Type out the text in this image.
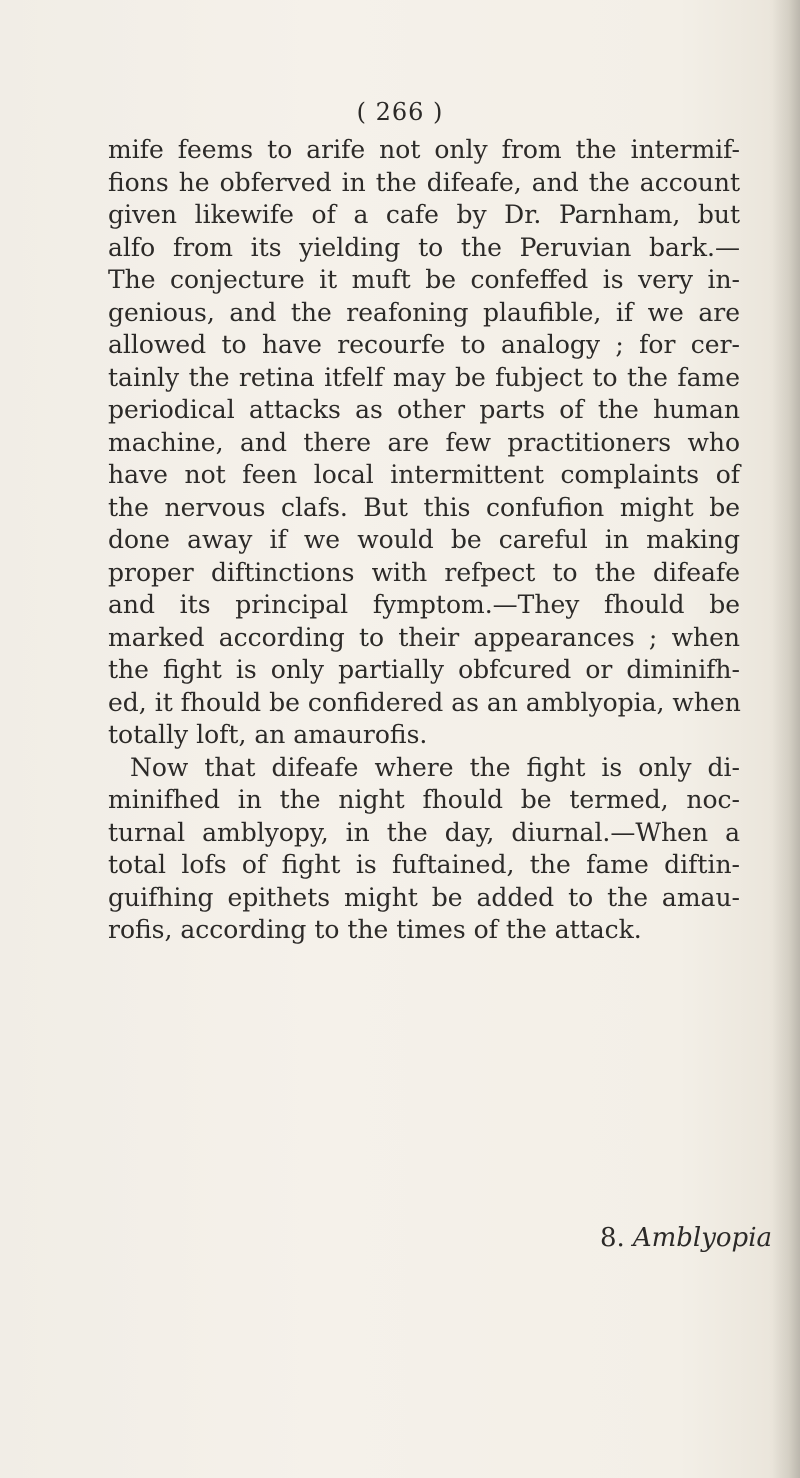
( 266 )
mife feems to arife not only from the intermif-
fions he obferved in the difeafe, and the account
given likewife of a cafe by Dr. Parnham, but
alfo from its yielding to the Peruvian bark.—
The conjecture it muft be confeffed is very in-
genious, and the reafoning plaufible, if we are
allowed to have recourfe to analogy ; for cer-
tainly the retina itfelf may be fubject to the fame
periodical attacks as other parts of the human
machine, and there are few practitioners who
have not feen local intermittent complaints of
the nervous clafs. But this confufion might be
done away if we would be careful in making
proper diftinctions with refpect to the difeafe
and its principal fymptom.—They fhould be
marked according to their appearances ; when
the fight is only partially obfcured or diminifh-
ed, it fhould be confidered as an amblyopia, when
totally loft, an amaurofis.
Now that difeafe where the fight is only di-
minifhed in the night fhould be termed, noc-
turnal amblyopy, in the day, diurnal.—When a
total lofs of fight is fuftained, the fame diftin-
guifhing epithets might be added to the amau-
rofis, according to the times of the attack.
8. Amblyopia
